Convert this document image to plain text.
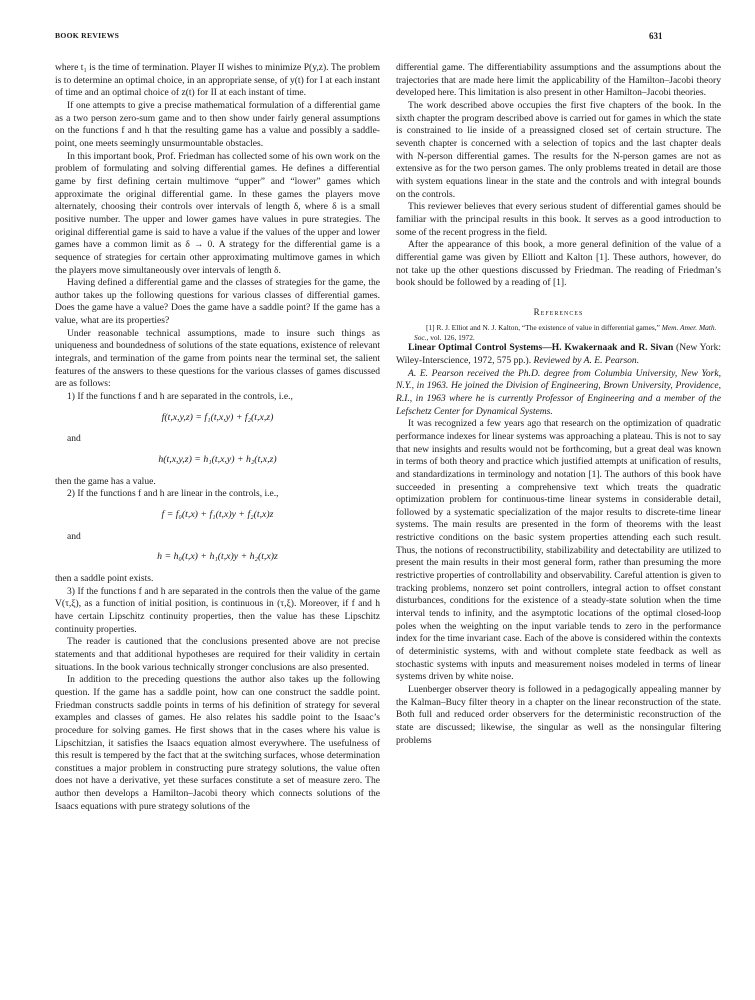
BOOK REVIEWS	631

where t₁ is the time of termination. Player II wishes to minimize P(y,z). The problem is to determine an optimal choice, in an appropriate sense, of y(t) for I at each instant of time and an optimal choice of z(t) for II at each instant of time.

If one attempts to give a precise mathematical formulation of a differential game as a two person zero-sum game and to then show under fairly general assumptions on the functions f and h that the resulting game has a value and possibly a saddle-point, one meets seemingly unsurmountable obstacles.

In this important book, Prof. Friedman has collected some of his own work on the problem of formulating and solving differential games. He defines a differential game by first defining certain multimove “upper” and “lower” games which approximate the original differential game. In these games the players move alternately, choosing their controls over intervals of length δ, where δ is a small positive number. The upper and lower games have values in pure strategies. The original differential game is said to have a value if the values of the upper and lower games have a common limit as δ → 0. A strategy for the differential game is a sequence of strategies for certain other approximating multimove games in which the players move simultaneously over intervals of length δ.

Having defined a differential game and the classes of strategies for the game, the author takes up the following questions for various classes of differential games. Does the game have a value? Does the game have a saddle point? If the game has a value, what are its properties?

Under reasonable technical assumptions, made to insure such things as uniqueness and boundedness of solutions of the state equations, existence of relevant integrals, and termination of the game from points near the terminal set, the salient features of the answers to these questions for the various classes of games discussed are as follows:

1) If the functions f and h are separated in the controls, i.e.,

f(t,x,y,z) = f₁(t,x,y) + f₂(t,x,z)

and

h(t,x,y,z) = h₁(t,x,y) + h₂(t,x,z)

then the game has a value.

2) If the functions f and h are linear in the controls, i.e.,

f = f₀(t,x) + f₁(t,x)y + f₂(t,x)z

and

h = h₀(t,x) + h₁(t,x)y + h₂(t,x)z

then a saddle point exists.

3) If the functions f and h are separated in the controls then the value of the game V(τ,ξ), as a function of initial position, is continuous in (τ,ξ). Moreover, if f and h have certain Lipschitz continuity properties, then the value has these Lipschitz continuity properties.

The reader is cautioned that the conclusions presented above are not precise statements and that additional hypotheses are required for their validity in certain situations. In the book various technically stronger conclusions are also presented.

In addition to the preceding questions the author also takes up the following question. If the game has a saddle point, how can one construct the saddle point. Friedman constructs saddle points in terms of his definition of strategy for several examples and classes of games. He also relates his saddle point to the Isaac’s procedure for solving games. He first shows that in the cases where his value is Lipschitzian, it satisfies the Isaacs equation almost everywhere. The usefulness of this result is tempered by the fact that at the switching surfaces, whose determination constitues a major problem in constructing pure strategy solutions, the value often does not have a derivative, yet these surfaces constitute a set of measure zero. The author then develops a Hamilton–Jacobi theory which connects solutions of the Isaacs equations with pure strategy solutions of the

differential game. The differentiability assumptions and the assumptions about the trajectories that are made here limit the applicability of the Hamilton–Jacobi theory developed here. This limitation is also present in other Hamilton–Jacobi theories.

The work described above occupies the first five chapters of the book. In the sixth chapter the program described above is carried out for games in which the state is constrained to lie inside of a preassigned closed set of certain structure. The seventh chapter is concerned with a selection of topics and the last chapter deals with N-person differential games. The results for the N-person games are not as extensive as for the two person games. The only problems treated in detail are those with system equations linear in the state and the controls and with integral bounds on the controls.

This reviewer believes that every serious student of differential games should be familiar with the principal results in this book. It serves as a good introduction to some of the recent progress in the field.

After the appearance of this book, a more general definition of the value of a differential game was given by Elliott and Kalton [1]. These authors, however, do not take up the other questions discussed by Friedman. The reading of Friedman’s book should be followed by a reading of [1].

References

[1] R. J. Elliot and N. J. Kalton, “The existence of value in differential games,” Mem. Amer. Math. Soc., vol. 126, 1972.

Linear Optimal Control Systems—H. Kwakernaak and R. Sivan (New York: Wiley-Interscience, 1972, 575 pp.). Reviewed by A. E. Pearson.

A. E. Pearson received the Ph.D. degree from Columbia University, New York, N.Y., in 1963. He joined the Division of Engineering, Brown University, Providence, R.I., in 1963 where he is currently Professor of Engineering and a member of the Lefschetz Center for Dynamical Systems.

It was recognized a few years ago that research on the optimization of quadratic performance indexes for linear systems was approaching a plateau. This is not to say that new insights and results would not be forthcoming, but a great deal was known in terms of both theory and practice which justified attempts at unification of results, and standardizations in terminology and notation [1]. The authors of this book have succeeded in presenting a comprehensive text which treats the quadratic optimization problem for continuous-time linear systems in considerable detail, followed by a systematic specialization of the major results to discrete-time linear systems. The main results are presented in the form of theorems with the least restrictive conditions on the basic system properties attending each such result. Thus, the notions of reconstructibility, stabilizability and detectability are utilized to present the main results in their most general form, rather than presuming the more restrictive properties of controllability and observability. Careful attention is given to tracking problems, nonzero set point controllers, integral action to offset constant disturbances, conditions for the existence of a steady-state solution when the time interval tends to infinity, and the asymptotic locations of the optimal closed-loop poles when the weighting on the input variable tends to zero in the performance index for the time invariant case. Each of the above is considered within the contexts of deterministic systems, with and without complete state feedback as well as stochastic systems with inputs and measurement noises modeled in terms of linear systems driven by white noise.

Luenberger observer theory is followed in a pedagogically appealing manner by the Kalman–Bucy filter theory in a chapter on the linear reconstruction of the state. Both full and reduced order observers for the deterministic reconstruction of the state are discussed; likewise, the singular as well as the nonsingular filtering problems
